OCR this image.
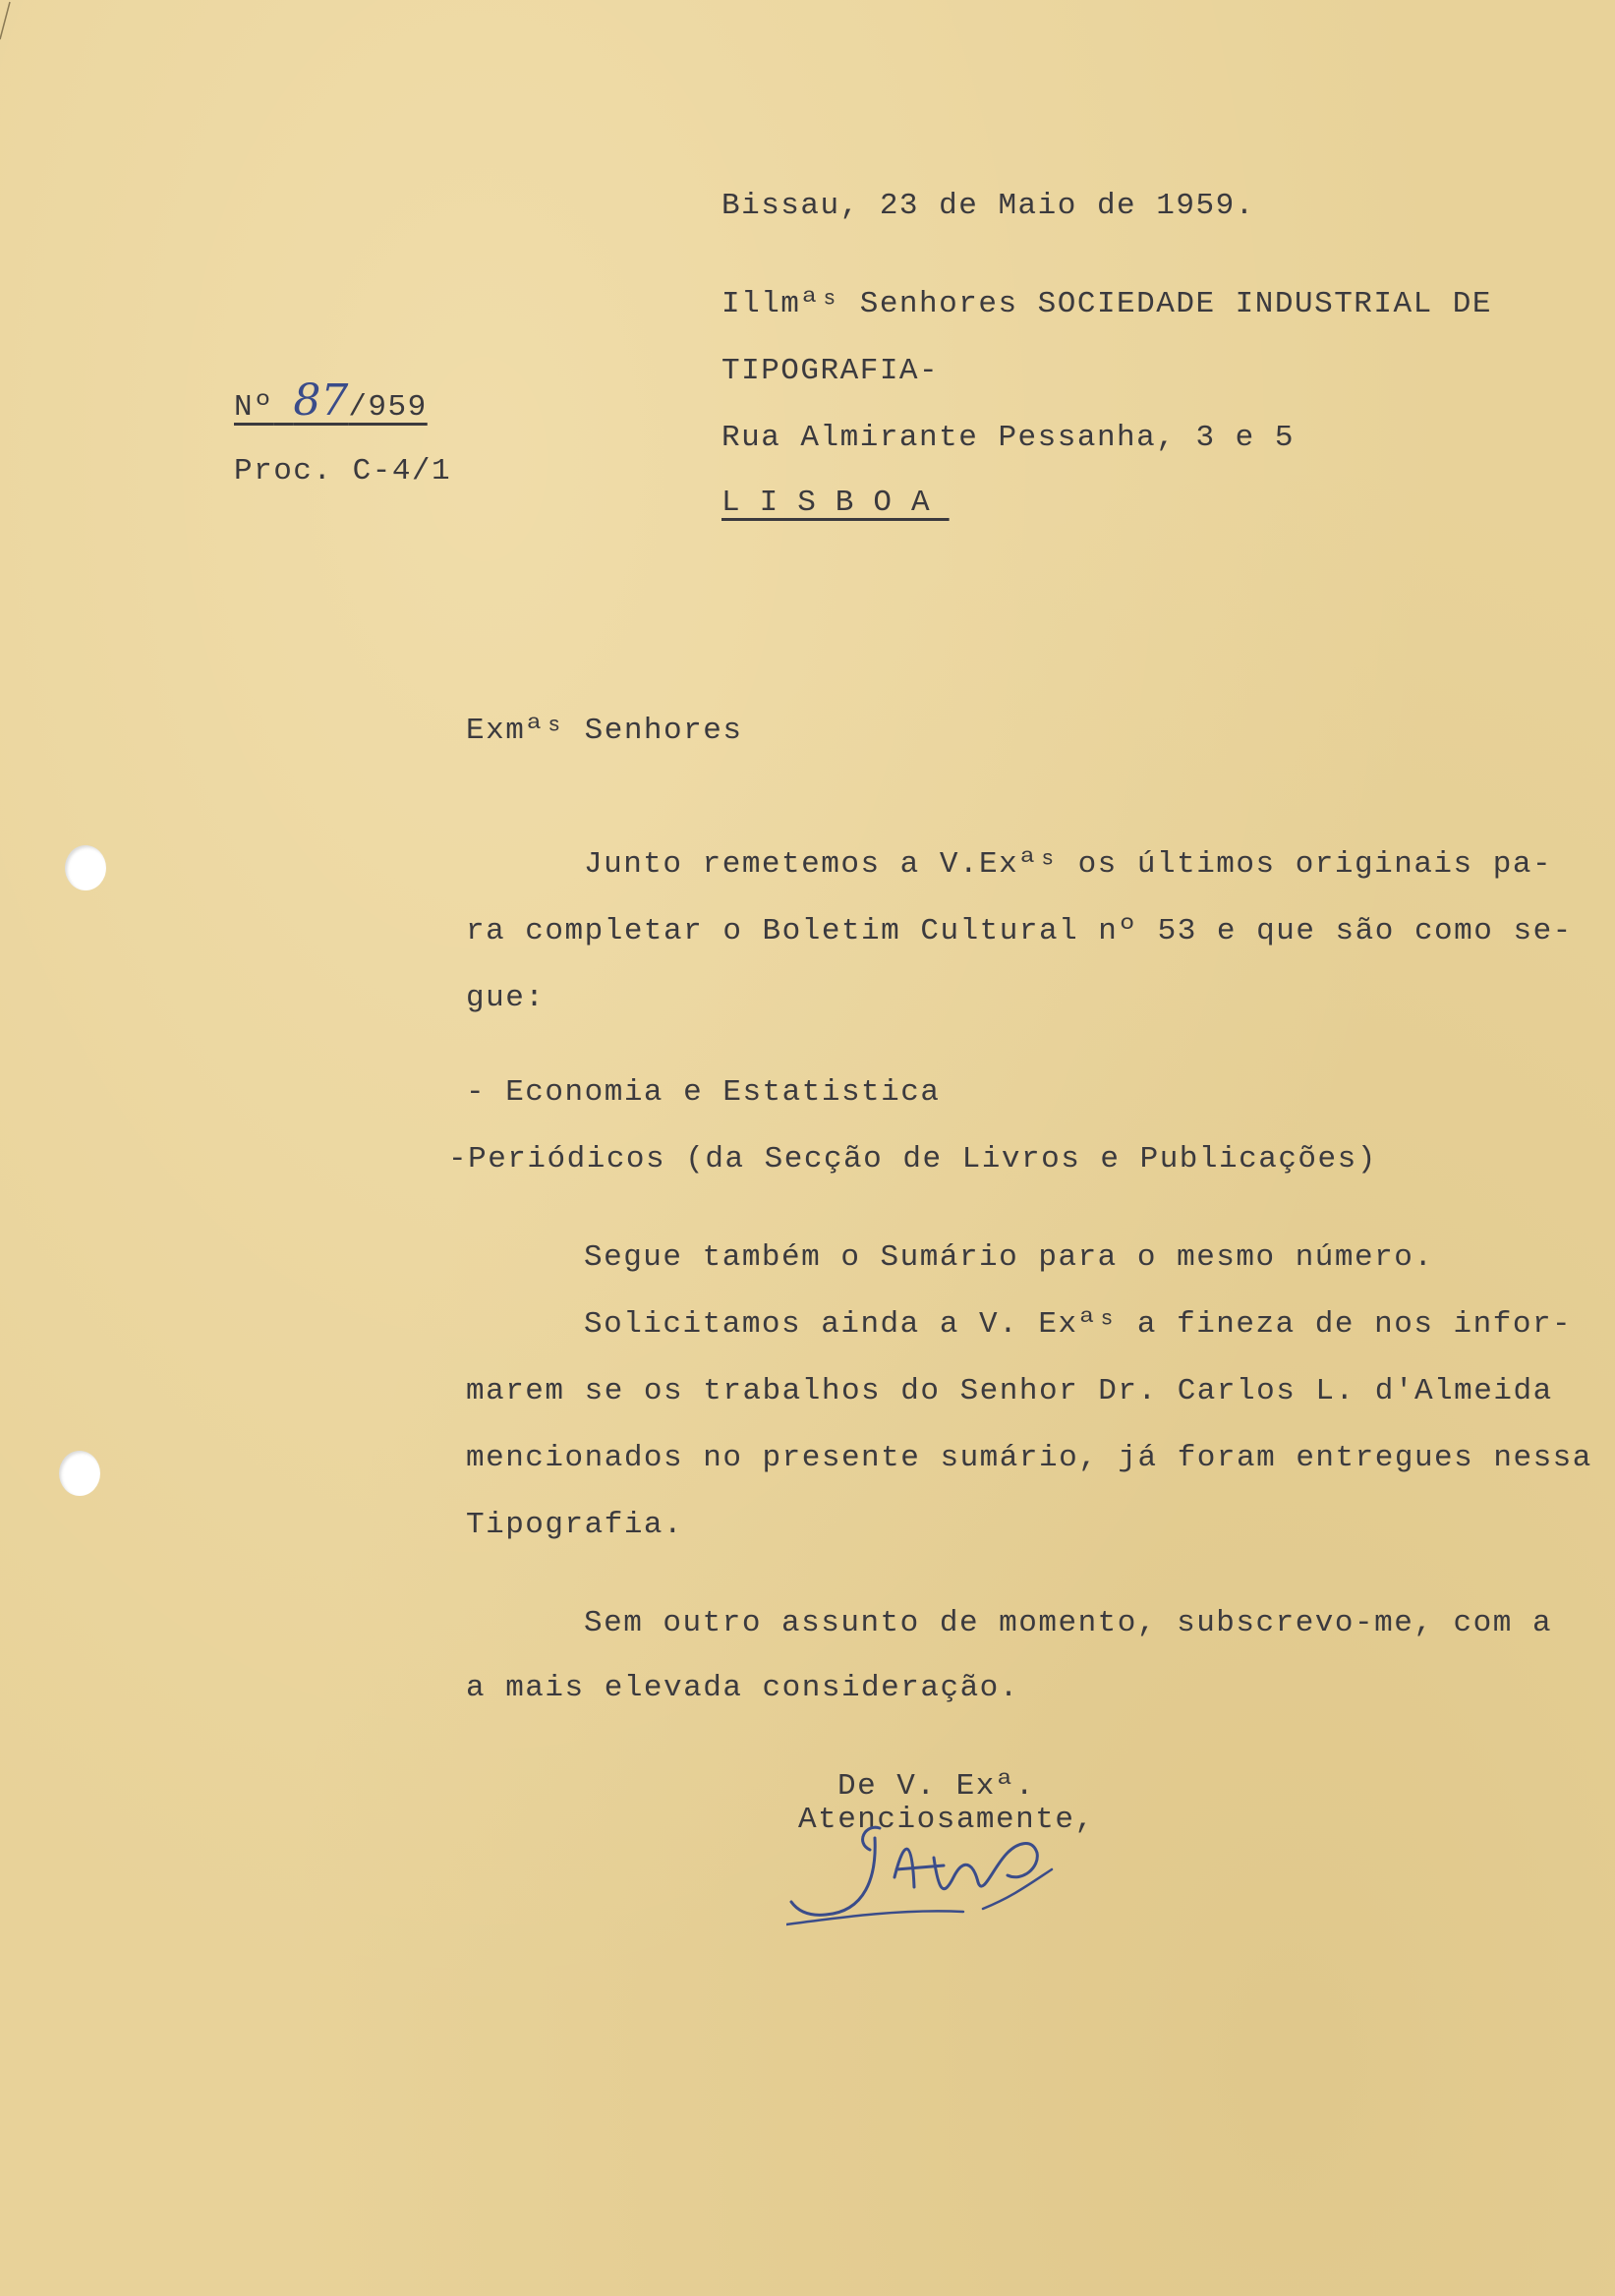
Bissau, 23 de Maio de 1959.
Illmªˢ Senhores SOCIEDADE INDUSTRIAL DE
TIPOGRAFIA-
Rua Almirante Pessanha, 3 e 5
LISBOA
Nº 87/959
Proc. C-4/1
Exmªˢ Senhores
Junto remetemos a V.Exªˢ os últimos originais pa-
ra completar o Boletim Cultural nº 53 e que são como se-
gue:
- Economia e Estatistica
-Periódicos (da Secção de Livros e Publicações)
Segue também o Sumário para o mesmo número.
Solicitamos ainda a V. Exªˢ a fineza de nos infor-
marem se os trabalhos do Senhor Dr. Carlos L. d'Almeida
mencionados no presente sumário, já foram entregues nessa
Tipografia.
Sem outro assunto de momento, subscrevo-me, com a
a mais elevada consideração.
De V. Exª.
Atenciosamente,
